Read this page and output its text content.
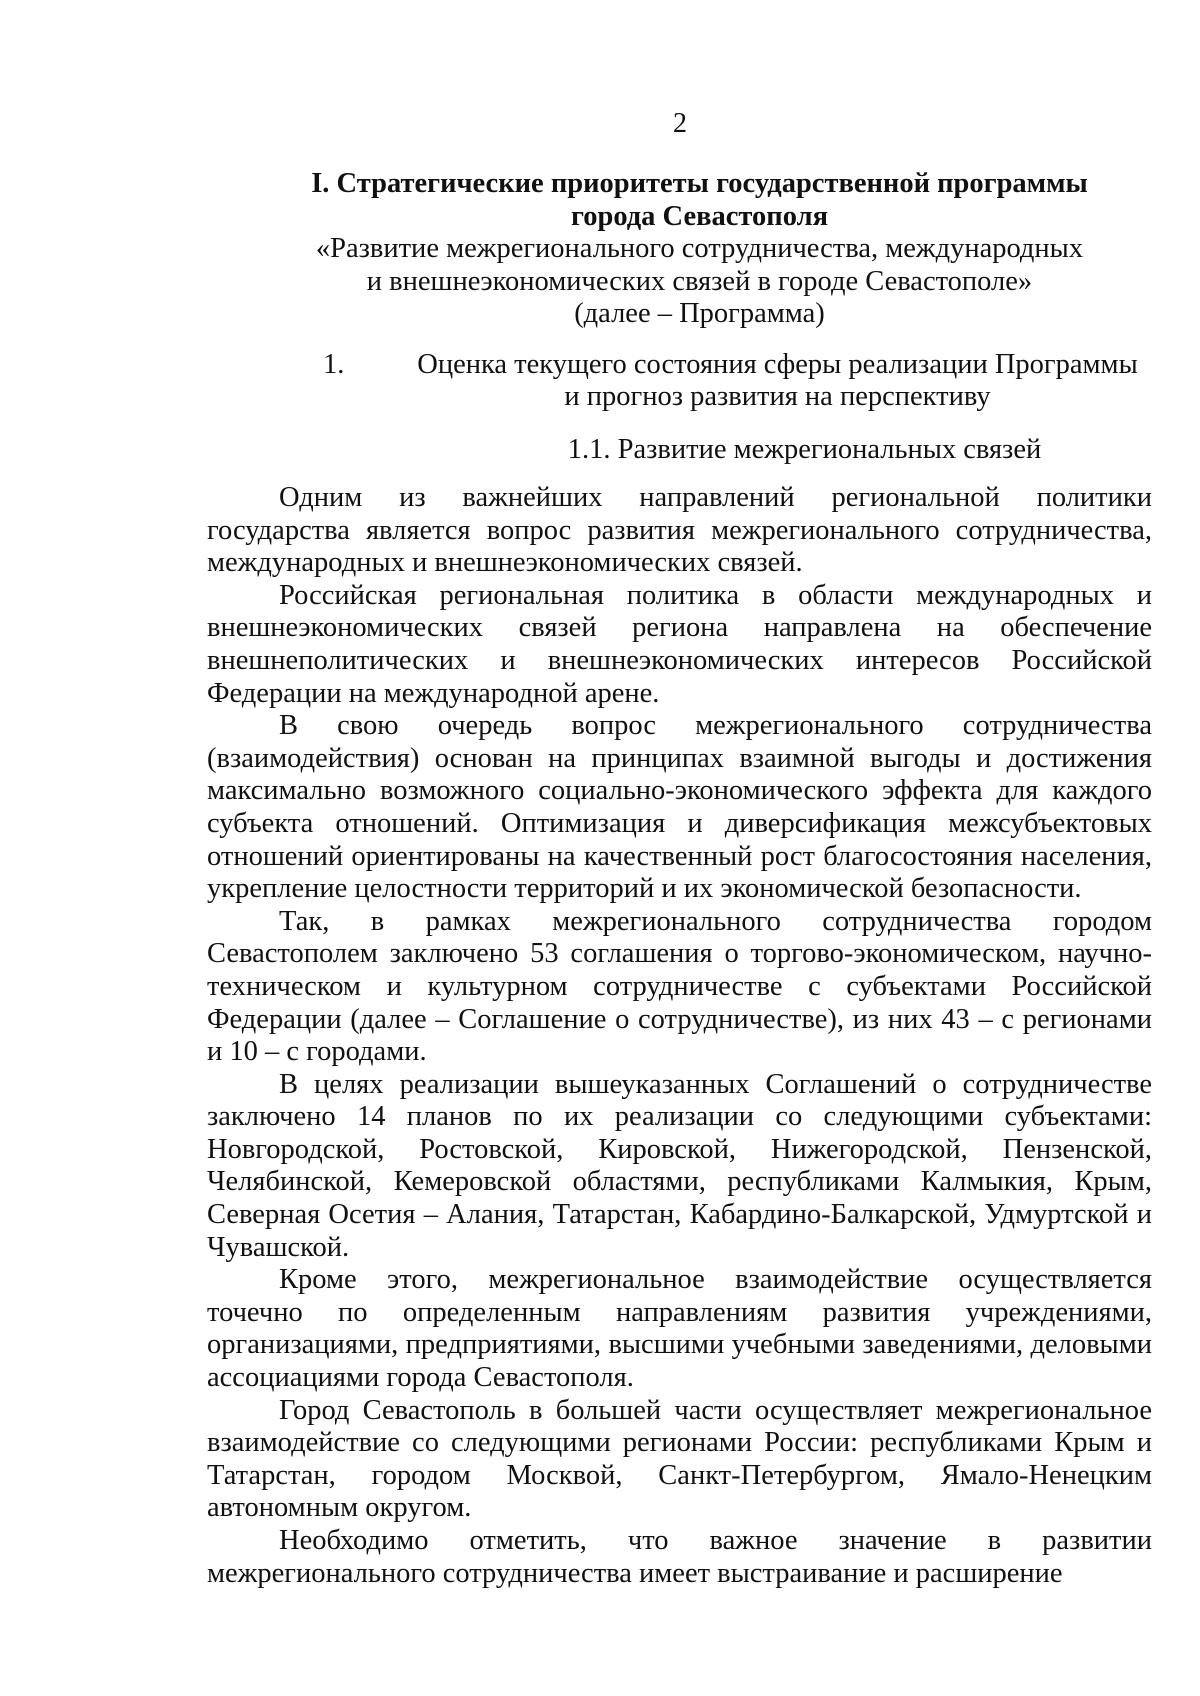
2
I. Стратегические приоритеты государственной программы
города Севастополя
«Развитие межрегионального сотрудничества, международных
и внешнеэкономических связей в городе Севастополе»
(далее – Программа)
1.	Оценка текущего состояния сферы реализации Программы
и прогноз развития на перспективу
1.1. Развитие межрегиональных связей

Одним из важнейших направлений региональной политики государства является вопрос развития межрегионального сотрудничества, международных и внешнеэкономических связей.

Российская региональная политика в области международных и внешнеэкономических связей региона направлена на обеспечение внешнеполитических и внешнеэкономических интересов Российской Федерации на международной арене.

В свою очередь вопрос межрегионального сотрудничества (взаимодействия) основан на принципах взаимной выгоды и достижения максимально возможного социально-экономического эффекта для каждого субъекта отношений. Оптимизация и диверсификация межсубъектовых отношений ориентированы на качественный рост благосостояния населения, укрепление целостности территорий и их экономической безопасности.

Так, в рамках межрегионального сотрудничества городом Севастополем заключено 53 соглашения о торгово-экономическом, научно-техническом и культурном сотрудничестве с субъектами Российской Федерации (далее – Соглашение о сотрудничестве), из них 43 – с регионами и 10 – с городами.

В целях реализации вышеуказанных Соглашений о сотрудничестве заключено 14 планов по их реализации со следующими субъектами: Новгородской, Ростовской, Кировской, Нижегородской, Пензенской, Челябинской, Кемеровской областями, республиками Калмыкия, Крым, Северная Осетия – Алания, Татарстан, Кабардино-Балкарской, Удмуртской и Чувашской.

Кроме этого, межрегиональное взаимодействие осуществляется точечно по определенным направлениям развития учреждениями, организациями, предприятиями, высшими учебными заведениями, деловыми ассоциациями города Севастополя.

Город Севастополь в большей части осуществляет межрегиональное взаимодействие со следующими регионами России: республиками Крым и Татарстан, городом Москвой, Санкт-Петербургом, Ямало-Ненецким автономным округом.

Необходимо отметить, что важное значение в развитии межрегионального сотрудничества имеет выстраивание и расширение
